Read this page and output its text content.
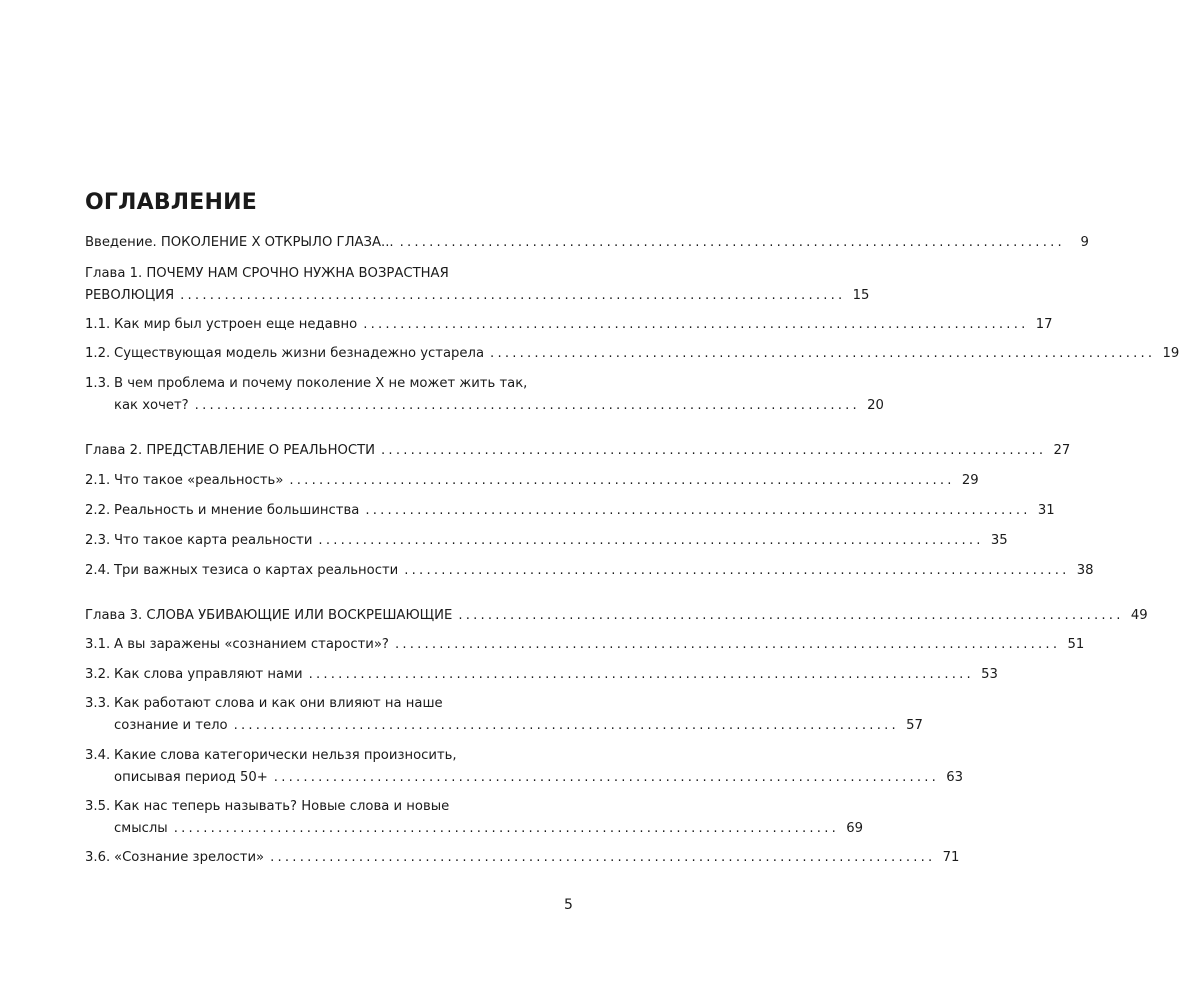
ОГЛАВЛЕНИЕ
Введение. ПОКОЛЕНИЕ Х ОТКРЫЛО ГЛАЗА... ..........................................................................................	9
Глава 1. ПОЧЕМУ НАМ СРОЧНО НУЖНА ВОЗРАСТНАЯ
РЕВОЛЮЦИЯ .......................................................................................... 15
1.1. Как мир был устроен еще недавно .......................................................................................... 17
1.2. Существующая модель жизни безнадежно устарела .......................................................................................... 19
1.3. В чем проблема и почему поколение Х не может жить так,
как хочет? .......................................................................................... 20
Глава 2. ПРЕДСТАВЛЕНИЕ О РЕАЛЬНОСТИ .......................................................................................... 27
2.1. Что такое «реальность» .......................................................................................... 29
2.2. Реальность и мнение большинства .......................................................................................... 31
2.3. Что такое карта реальности .......................................................................................... 35
2.4. Три важных тезиса о картах реальности .......................................................................................... 38
Глава 3. СЛОВА УБИВАЮЩИЕ ИЛИ ВОСКРЕШАЮЩИЕ .......................................................................................... 49
3.1. А вы заражены «сознанием старости»? .......................................................................................... 51
3.2. Как слова управляют нами .......................................................................................... 53
3.3. Как работают слова и как они влияют на наше
сознание и тело .......................................................................................... 57
3.4. Какие слова категорически нельзя произносить,
описывая период 50+ .......................................................................................... 63
3.5. Как нас теперь называть? Новые слова и новые
смыслы .......................................................................................... 69
3.6. «Сознание зрелости» .......................................................................................... 71
5
